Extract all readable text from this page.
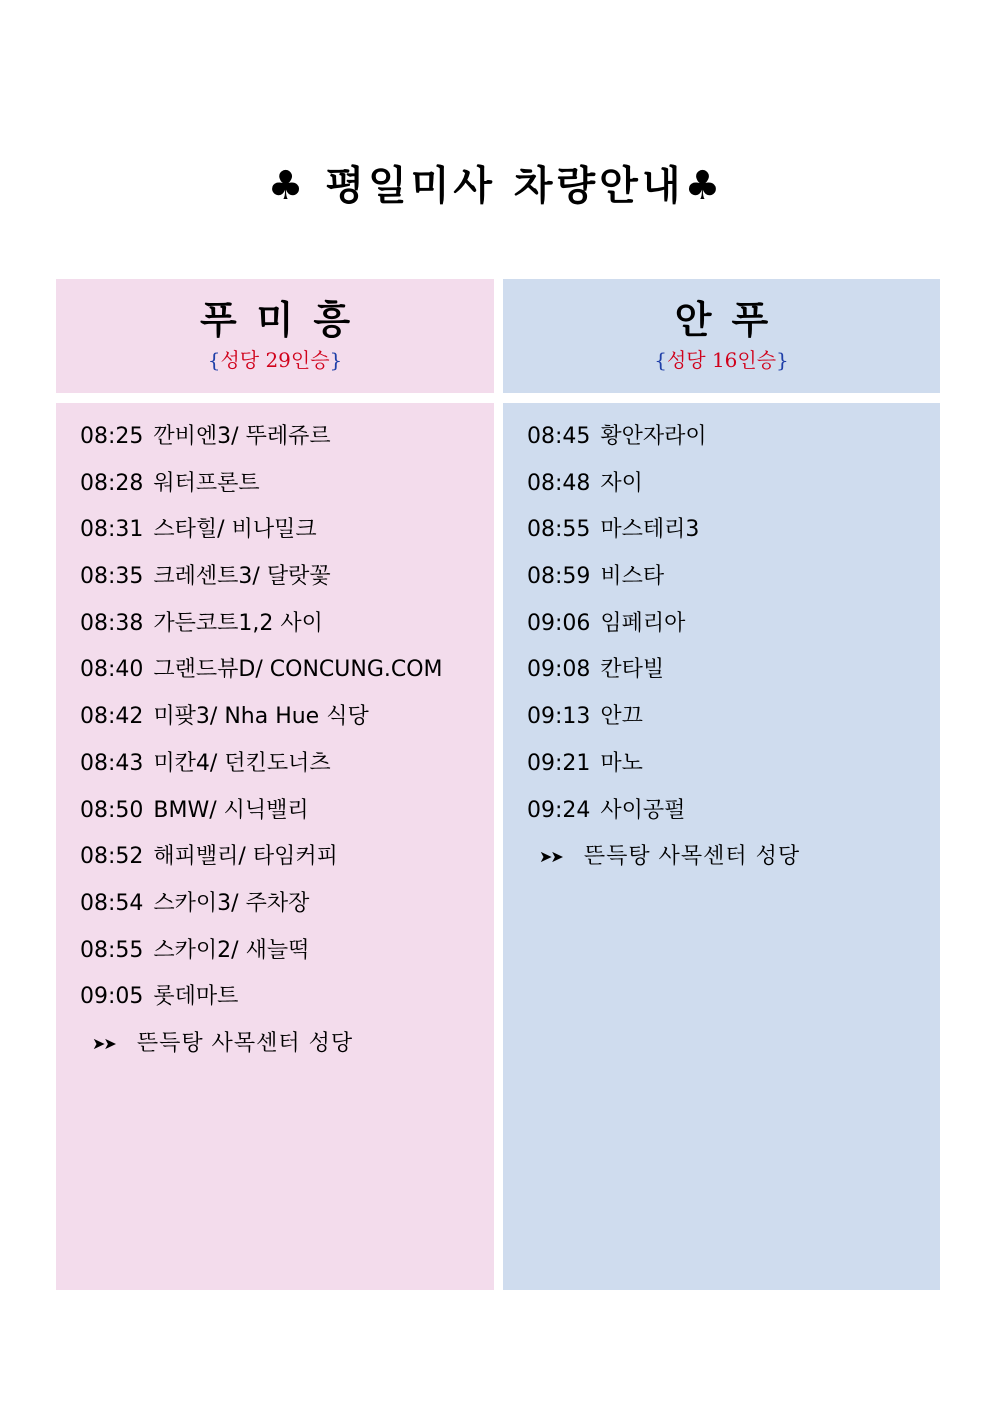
♣ 평일미사 차량안내♣
푸미흥
{성당 29인승}
안푸
{성당 16인승}
08:25 깐비엔3/ 뚜레쥬르
08:28 워터프론트
08:31 스타힐/ 비나밀크
08:35 크레센트3/ 달랏꽃
08:38 가든코트1,2 사이
08:40 그랜드뷰D/ CONCUNG.COM
08:42 미팢3/ Nha Hue 식당
08:43 미칸4/ 던킨도너츠
08:50 BMW/ 시닉밸리
08:52 해피밸리/ 타임커피
08:54 스카이3/ 주차장
08:55 스카이2/ 새늘떡
09:05 롯데마트
➤➤ 뜬득탕 사목센터 성당
08:45 황안자라이
08:48 자이
08:55 마스테리3
08:59 비스타
09:06 임페리아
09:08 칸타빌
09:13 안끄
09:21 마노
09:24 사이공펄
➤➤ 뜬득탕 사목센터 성당
